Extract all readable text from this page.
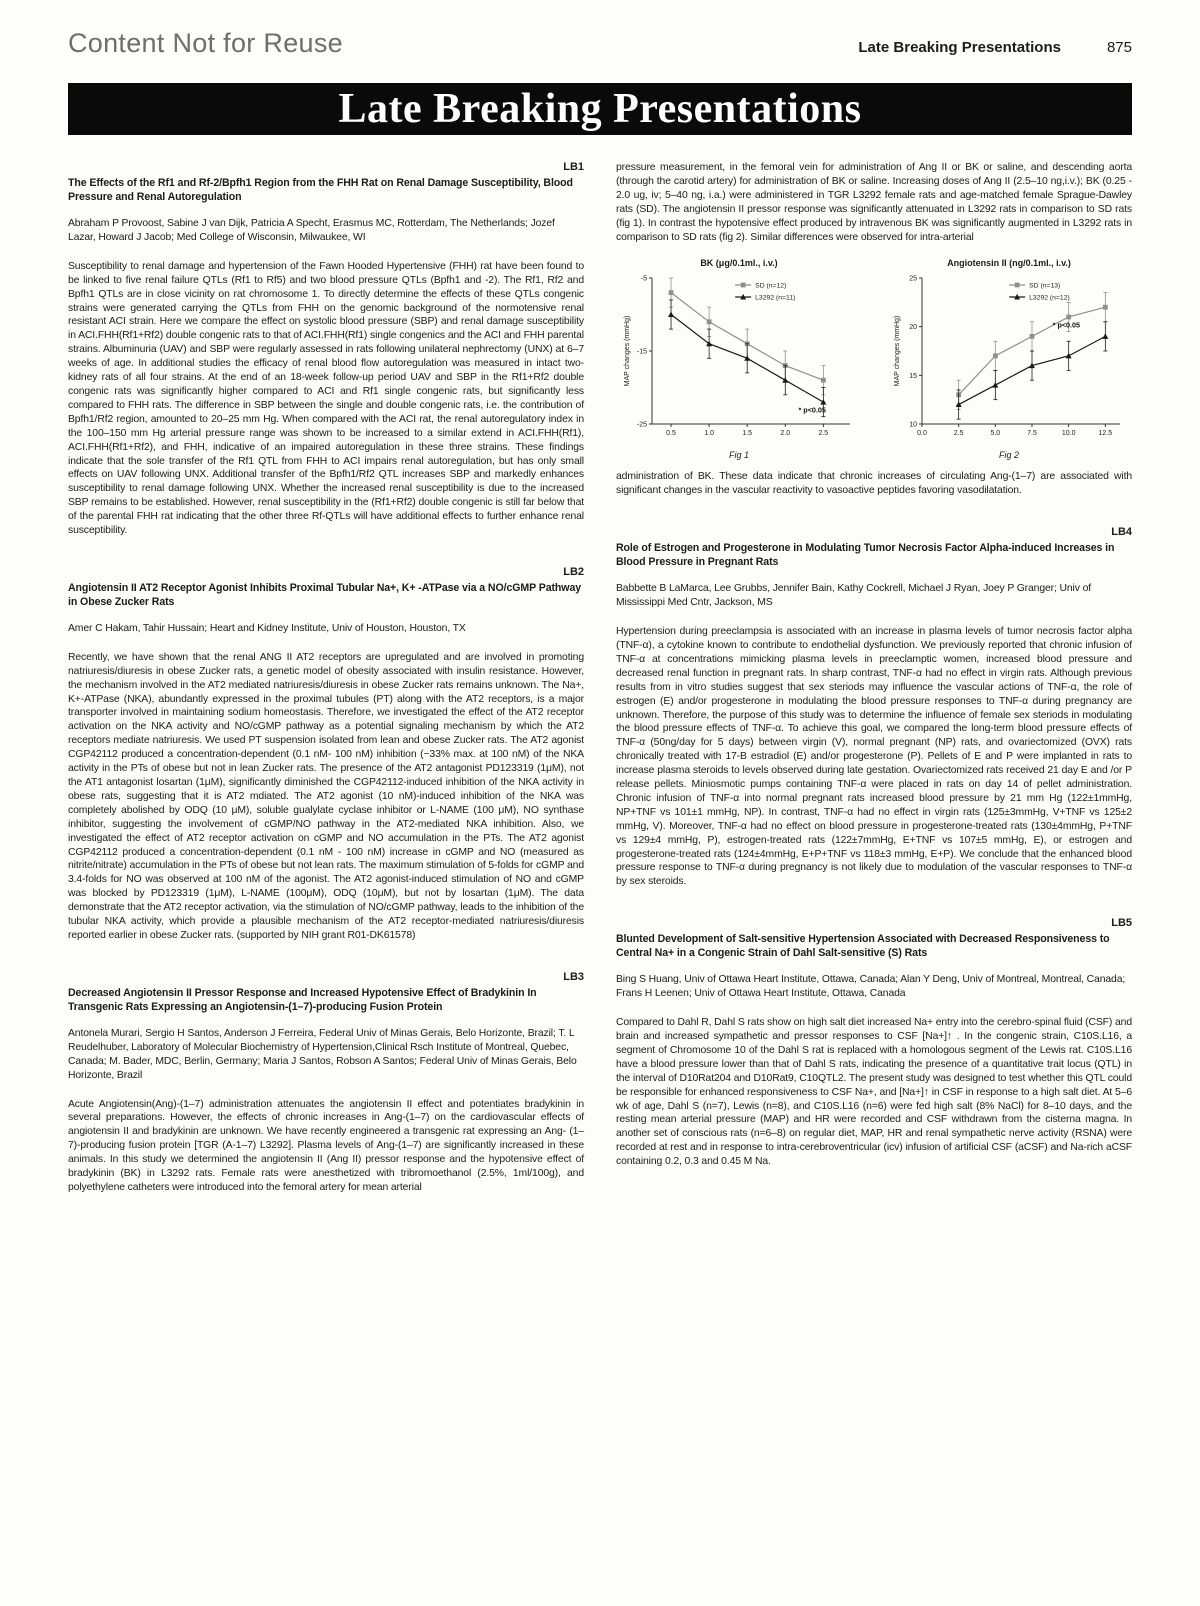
Content Not for Reuse	Late Breaking Presentations	875
Late Breaking Presentations
LB1
The Effects of the Rf1 and Rf-2/Bpfh1 Region from the FHH Rat on Renal Damage Susceptibility, Blood Pressure and Renal Autoregulation

Abraham P Provoost, Sabine J van Dijk, Patricia A Specht, Erasmus MC, Rotterdam, The Netherlands; Jozef Lazar, Howard J Jacob; Med College of Wisconsin, Milwaukee, WI

Susceptibility to renal damage and hypertension of the Fawn Hooded Hypertensive (FHH) rat have been found to be linked to five renal failure QTLs (Rf1 to Rf5) and two blood pressure QTLs (Bpfh1 and -2). The Rf1, Rf2 and Bpfh1 QTLs are in close vicinity on rat chromosome 1. To directly determine the effects of these QTLs congenic strains were generated carrying the QTLs from FHH on the genomic background of the normotensive renal resistant ACI strain. Here we compare the effect on systolic blood pressure (SBP) and renal damage susceptibility in ACI.FHH(Rf1+Rf2) double congenic rats to that of ACI.FHH(Rf1) single congenics and the ACI and FHH parental strains. Albuminuria (UAV) and SBP were regularly assessed in rats following unilateral nephrectomy (UNX) at 6–7 weeks of age. In additional studies the efficacy of renal blood flow autoregulation was measured in intact two-kidney rats of all four strains. At the end of an 18-week follow-up period UAV and SBP in the Rf1+Rf2 double congenic rats was significantly higher compared to ACI and Rf1 single congenic rats, but significantly less compared to FHH rats. The difference in SBP between the single and double congenic rats, i.e. the contribution of Bpfh1/Rf2 region, amounted to 20–25 mm Hg. When compared with the ACI rat, the renal autoregulatory index in the 100–150 mm Hg arterial pressure range was shown to be increased to a similar extend in ACI.FHH(Rf1), ACI.FHH(Rf1+Rf2), and FHH, indicative of an impaired autoregulation in these three strains. These findings indicate that the sole transfer of the Rf1 QTL from FHH to ACI impairs renal autoregulation, but has only small effects on UAV following UNX. Additional transfer of the Bpfh1/Rf2 QTL increases SBP and markedly enhances susceptibility to renal damage following UNX. Whether the increased renal susceptibility is due to the increased SBP remains to be established. However, renal susceptibility in the (Rf1+Rf2) double congenic is still far below that of the parental FHH rat indicating that the other three Rf-QTLs will have additional effects to further enhance renal susceptibility.

LB2
Angiotensin II AT2 Receptor Agonist Inhibits Proximal Tubular Na+, K+ -ATPase via a NO/cGMP Pathway in Obese Zucker Rats

Amer C Hakam, Tahir Hussain; Heart and Kidney Institute, Univ of Houston, Houston, TX

Recently, we have shown that the renal ANG II AT2 receptors are upregulated and are involved in promoting natriuresis/diuresis in obese Zucker rats, a genetic model of obesity associated with insulin resistance. However, the mechanism involved in the AT2 mediated natriuresis/diuresis in obese Zucker rats remains unknown. The Na+, K+-ATPase (NKA), abundantly expressed in the proximal tubules (PT) along with the AT2 receptors, is a major transporter involved in maintaining sodium homeostasis. Therefore, we investigated the effect of the AT2 receptor activation on the NKA activity and NO/cGMP pathway as a potential signaling mechanism by which the AT2 receptors mediate natriuresis. We used PT suspension isolated from lean and obese Zucker rats. The AT2 agonist CGP42112 produced a concentration-dependent (0.1 nM- 100 nM) inhibition (~33% max. at 100 nM) of the NKA activity in the PTs of obese but not in lean Zucker rats. The presence of the AT2 antagonist PD123319 (1μM), not the AT1 antagonist losartan (1μM), significantly diminished the CGP42112-induced inhibition of the NKA activity in obese rats, suggesting that it is AT2 mdiated. The AT2 agonist (10 nM)-induced inhibition of the NKA was completely abolished by ODQ (10 μM), soluble gualylate cyclase inhibitor or L-NAME (100 μM), NO synthase inhibitor, suggesting the involvement of cGMP/NO pathway in the AT2-mediated NKA inhibition. Also, we investigated the effect of AT2 receptor activation on cGMP and NO accumulation in the PTs. The AT2 agonist CGP42112 produced a concentration-dependent (0.1 nM - 100 nM) increase in cGMP and NO (measured as nitrite/nitrate) accumulation in the PTs of obese but not lean rats. The maximum stimulation of 5-folds for cGMP and 3.4-folds for NO was observed at 100 nM of the agonist. The AT2 agonist-induced stimulation of NO and cGMP was blocked by PD123319 (1μM), L-NAME (100μM), ODQ (10μM), but not by losartan (1μM). The data demonstrate that the AT2 receptor activation, via the stimulation of NO/cGMP pathway, leads to the inhibition of the tubular NKA activity, which provide a plausible mechanism of the AT2 receptor-mediated natriuresis/diuresis reported earlier in obese Zucker rats. (supported by NIH grant R01-DK61578)

LB3
Decreased Angiotensin II Pressor Response and Increased Hypotensive Effect of Bradykinin In Transgenic Rats Expressing an Angiotensin-(1–7)-producing Fusion Protein

Antonela Murari, Sergio H Santos, Anderson J Ferreira, Federal Univ of Minas Gerais, Belo Horizonte, Brazil; T. L Reudelhuber, Laboratory of Molecular Biochemistry of Hypertension,Clinical Rsch Institute of Montreal, Quebec, Canada; M. Bader, MDC, Berlin, Germany; Maria J Santos, Robson A Santos; Federal Univ of Minas Gerais, Belo Horizonte, Brazil

Acute Angiotensin(Ang)-(1–7) administration attenuates the angiotensin II effect and potentiates bradykinin in several preparations. However, the effects of chronic increases in Ang-(1–7) on the cardiovascular effects of angiotensin II and bradykinin are unknown. We have recently engineered a transgenic rat expressing an Ang- (1–7)-producing fusion protein [TGR (A-1–7) L3292]. Plasma levels of Ang-(1–7) are significantly increased in these animals. In this study we determined the angiotensin II (Ang II) pressor response and the hypotensive effect of bradykinin (BK) in L3292 rats. Female rats were anesthetized with tribromoethanol (2.5%, 1ml/100g), and polyethylene catheters were introduced into the femoral artery for mean arterial

pressure measurement, in the femoral vein for administration of Ang II or BK or saline, and descending aorta (through the carotid artery) for administration of BK or saline. Increasing doses of Ang II (2.5–10 ng,i.v.); BK (0.25 - 2.0 ug, iv; 5–40 ng, i.a.) were administered in TGR L3292 female rats and age-matched female Sprague-Dawley rats (SD). The angiotensin II pressor response was significantly attenuated in L3292 rats in comparison to SD rats (fig 1). In contrast the hypotensive effect produced by intravenous BK was significantly augmented in L3292 rats in comparison to SD rats (fig 2). Similar differences were observed for intra-arterial

BK (μg/0.1ml., i.v.)
-5
-15
-25
0.5	1.0	1.5	2.0	2.5
MAP changes (mmHg)
SD (n=12)
L3292 (n=11)
* p<0.05
Fig 1
Angiotensin II (ng/0.1ml., i.v.)
10
15
20
25
0.0	2.5	5.0	7.5	10.0	12.5
MAP changes (mmHg)
SD (n=13)
L3292 (n=12)
* p<0.05
Fig 2

administration of BK. These data indicate that chronic increases of circulating Ang-(1–7) are associated with significant changes in the vascular reactivity to vasoactive peptides favoring vasodilatation.

LB4
Role of Estrogen and Progesterone in Modulating Tumor Necrosis Factor Alpha-induced Increases in Blood Pressure in Pregnant Rats

Babbette B LaMarca, Lee Grubbs, Jennifer Bain, Kathy Cockrell, Michael J Ryan, Joey P Granger; Univ of Mississippi Med Cntr, Jackson, MS

Hypertension during preeclampsia is associated with an increase in plasma levels of tumor necrosis factor alpha (TNF-α), a cytokine known to contribute to endothelial dysfunction. We previously reported that chronic infusion of TNF-α at concentrations mimicking plasma levels in preeclamptic women, increased blood pressure and decreased renal function in pregnant rats. In sharp contrast, TNF-α had no effect in virgin rats. Although previous results from in vitro studies suggest that sex steriods may influence the vascular actions of TNF-α, the role of estrogen (E) and/or progesterone in modulating the blood pressure responses to TNF-α during pregnancy are unknown. Therefore, the purpose of this study was to determine the influence of female sex steriods in modulating the blood pressure effects of TNF-α. To achieve this goal, we compared the long-term blood pressure effects of TNF-α (50ng/day for 5 days) between virgin (V), normal pregnant (NP) rats, and ovariectomized (OVX) rats chronically treated with 17-B estradiol (E) and/or progesterone (P). Pellets of E and P were implanted in rats to increase plasma steroids to levels observed during late gestation. Ovariectomized rats received 21 day E and /or P release pellets. Miniosmotic pumps containing TNF-α were placed in rats on day 14 of pellet administration. Chronic infusion of TNF-α into normal pregnant rats increased blood pressure by 21 mm Hg (122±1mmHg, NP+TNF vs 101±1 mmHg, NP). In contrast, TNF-α had no effect in virgin rats (125±3mmHg, V+TNF vs 125±2 mmHg, V). Moreover, TNF-α had no effect on blood pressure in progesterone-treated rats (130±4mmHg, P+TNF vs 129±4 mmHg, P), estrogen-treated rats (122±7mmHg, E+TNF vs 107±5 mmHg, E), or estrogen and progesterone-treated rats (124±4mmHg, E+P+TNF vs 118±3 mmHg, E+P). We conclude that the enhanced blood pressure response to TNF-α during pregnancy is not likely due to modulation of the vascular responses to TNF-α by sex steroids.

LB5
Blunted Development of Salt-sensitive Hypertension Associated with Decreased Responsiveness to Central Na+ in a Congenic Strain of Dahl Salt-sensitive (S) Rats

Bing S Huang, Univ of Ottawa Heart Institute, Ottawa, Canada; Alan Y Deng, Univ of Montreal, Montreal, Canada; Frans H Leenen; Univ of Ottawa Heart Institute, Ottawa, Canada

Compared to Dahl R, Dahl S rats show on high salt diet increased Na+ entry into the cerebro-spinal fluid (CSF) and brain and increased sympathetic and pressor responses to CSF [Na+]↑ . In the congenic strain, C10S.L16, a segment of Chromosome 10 of the Dahl S rat is replaced with a homologous segment of the Lewis rat. C10S.L16 have a blood pressure lower than that of Dahl S rats, indicating the presence of a quantitative trait locus (QTL) in the interval of D10Rat204 and D10Rat9, C10QTL2. The present study was designed to test whether this QTL could be responsible for enhanced responsiveness to CSF Na+, and [Na+]↑ in CSF in response to a high salt diet. At 5–6 wk of age, Dahl S (n=7), Lewis (n=8), and C10S.L16 (n=6) were fed high salt (8% NaCl) for 8–10 days, and the resting mean arterial pressure (MAP) and HR were recorded and CSF withdrawn from the cisterna magna. In another set of conscious rats (n=6–8) on regular diet, MAP, HR and renal sympathetic nerve activity (RSNA) were recorded at rest and in response to intra-cerebroventricular (icv) infusion of artificial CSF (aCSF) and Na-rich aCSF containing 0.2, 0.3 and 0.45 M Na.
